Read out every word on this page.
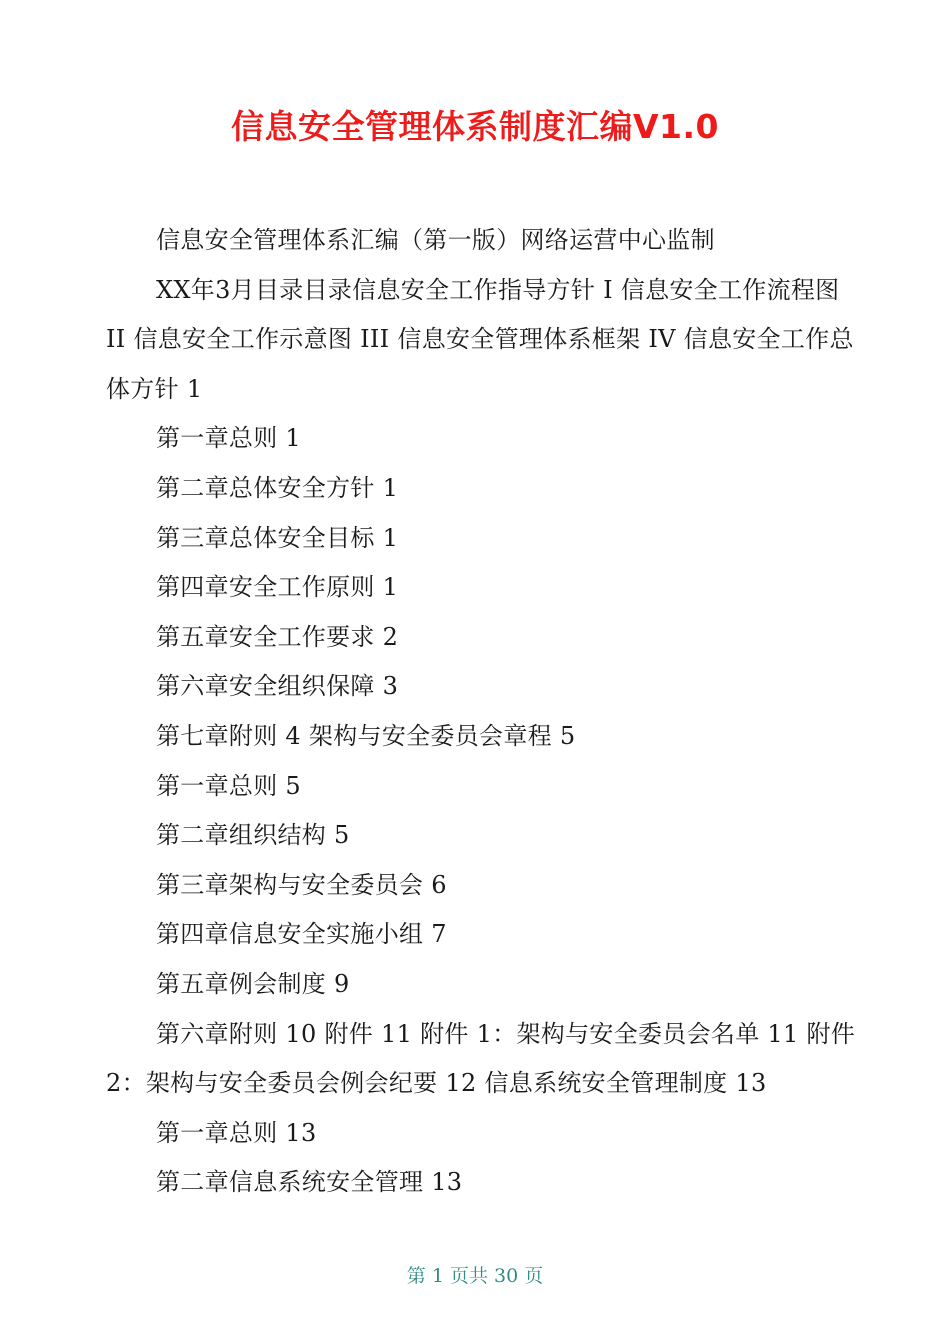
信息安全管理体系制度汇编V1.0

信息安全管理体系汇编（第一版）网络运营中心监制

XX年3月目录目录信息安全工作指导方针 I 信息安全工作流程图 II 信息安全工作示意图 III 信息安全管理体系框架 IV 信息安全工作总体方针 1

第一章总则 1

第二章总体安全方针 1

第三章总体安全目标 1

第四章安全工作原则 1

第五章安全工作要求 2

第六章安全组织保障 3

第七章附则 4 架构与安全委员会章程 5

第一章总则 5

第二章组织结构 5

第三章架构与安全委员会 6

第四章信息安全实施小组 7

第五章例会制度 9

第六章附则 10 附件 11 附件 1：架构与安全委员会名单 11 附件 2：架构与安全委员会例会纪要 12 信息系统安全管理制度 13

第一章总则 13

第二章信息系统安全管理 13

第 1 页共 30 页
